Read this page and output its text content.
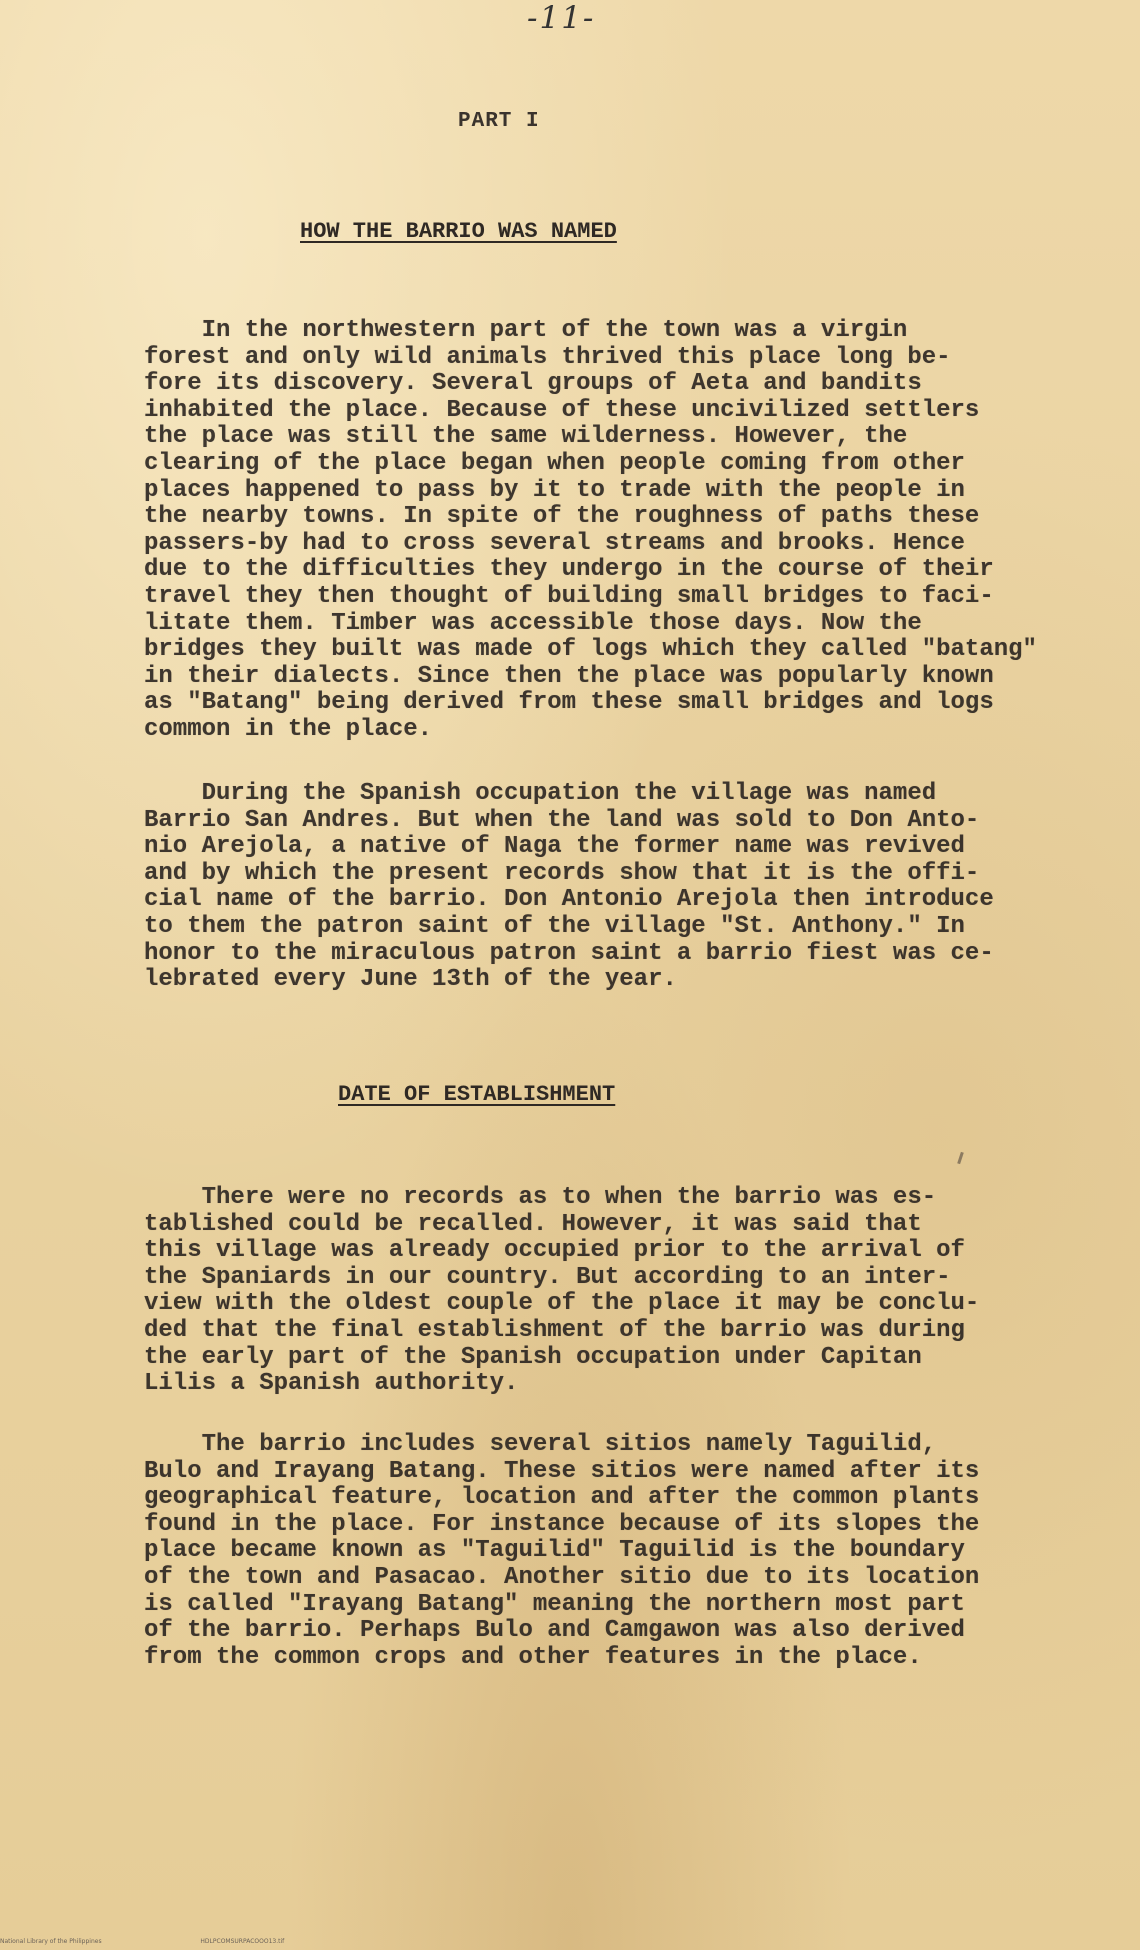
-11-
PART I
HOW THE BARRIO WAS NAMED

In the northwestern part of the town was a virgin
forest and only wild animals thrived this place long be-
fore its discovery. Several groups of Aeta and bandits
inhabited the place. Because of these uncivilized settlers
the place was still the same wilderness. However, the
clearing of the place began when people coming from other
places happened to pass by it to trade with the people in
the nearby towns. In spite of the roughness of paths these
passers-by had to cross several streams and brooks. Hence
due to the difficulties they undergo in the course of their
travel they then thought of building small bridges to faci-
litate them. Timber was accessible those days. Now the
bridges they built was made of logs which they called "batang"
in their dialects. Since then the place was popularly known
as "Batang" being derived from these small bridges and logs
common in the place.

During the Spanish occupation the village was named
Barrio San Andres. But when the land was sold to Don Anto-
nio Arejola, a native of Naga the former name was revived
and by which the present records show that it is the offi-
cial name of the barrio. Don Antonio Arejola then introduce
to them the patron saint of the village "St. Anthony." In
honor to the miraculous patron saint a barrio fiest was ce-
lebrated every June 13th of the year.

DATE OF ESTABLISHMENT

There were no records as to when the barrio was es-
tablished could be recalled. However, it was said that
this village was already occupied prior to the arrival of
the Spaniards in our country. But according to an inter-
view with the oldest couple of the place it may be conclu-
ded that the final establishment of the barrio was during
the early part of the Spanish occupation under Capitan
Lilis a Spanish authority.

The barrio includes several sitios namely Taguilid,
Bulo and Irayang Batang. These sitios were named after its
geographical feature, location and after the common plants
found in the place. For instance because of its slopes the
place became known as "Taguilid" Taguilid is the boundary
of the town and Pasacao. Another sitio due to its location
is called "Irayang Batang" meaning the northern most part
of the barrio. Perhaps Bulo and Camgawon was also derived
from the common crops and other features in the place.

National Library of the Philippines	HDLPCOMSURPACOOO13.tif
